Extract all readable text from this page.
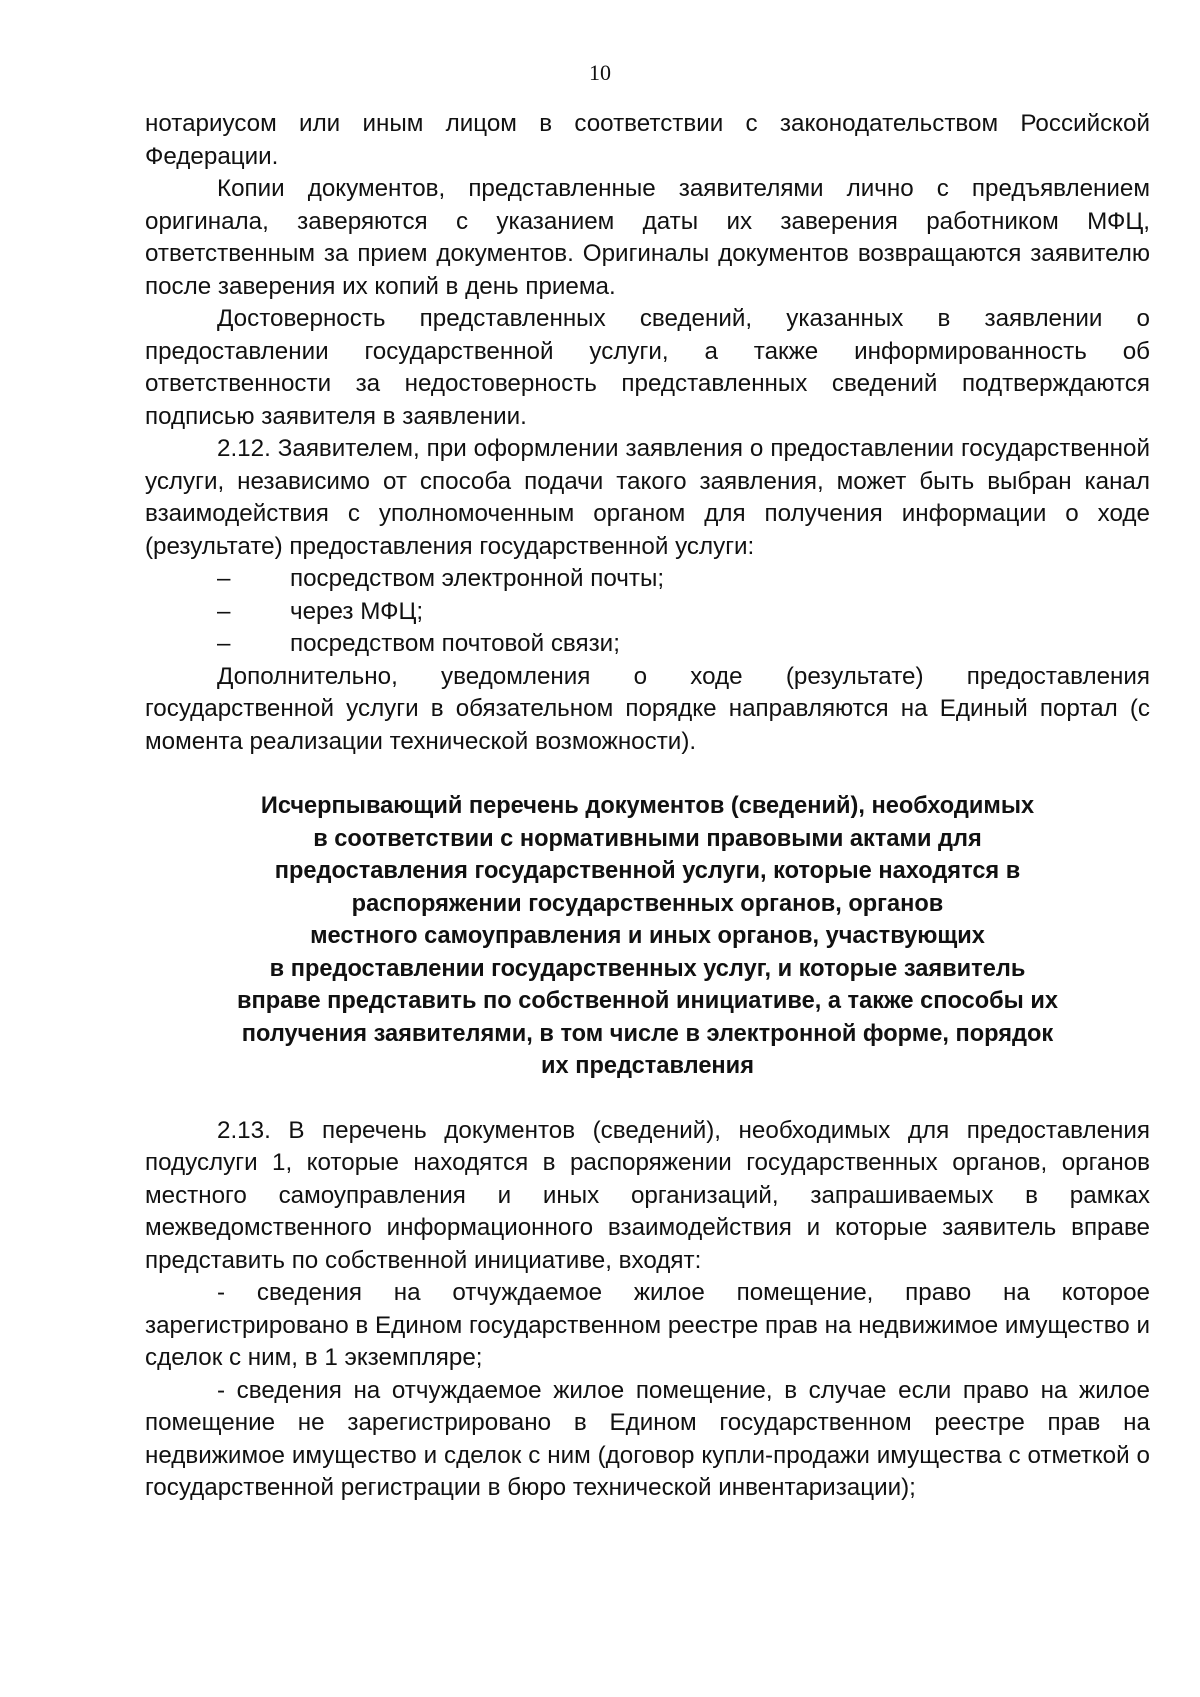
10

нотариусом или иным лицом в соответствии с законодательством Российской Федерации.

Копии документов, представленные заявителями лично с предъявлением оригинала, заверяются с указанием даты их заверения работником МФЦ, ответственным за прием документов. Оригиналы документов возвращаются заявителю после заверения их копий в день приема.

Достоверность представленных сведений, указанных в заявлении о предоставлении государственной услуги, а также информированность об ответственности за недостоверность представленных сведений подтверждаются подписью заявителя в заявлении.

2.12. Заявителем, при оформлении заявления о предоставлении государственной услуги, независимо от способа подачи такого заявления, может быть выбран канал взаимодействия с уполномоченным органом для получения информации о ходе (результате) предоставления государственной услуги:

– посредством электронной почты;
– через МФЦ;
– посредством почтовой связи;

Дополнительно, уведомления о ходе (результате) предоставления государственной услуги в обязательном порядке направляются на Единый портал (с момента реализации технической возможности).

Исчерпывающий перечень документов (сведений), необходимых
в соответствии с нормативными правовыми актами для
предоставления государственной услуги, которые находятся в
распоряжении государственных органов, органов
местного самоуправления и иных органов, участвующих
в предоставлении государственных услуг, и которые заявитель
вправе представить по собственной инициативе, а также способы их
получения заявителями, в том числе в электронной форме, порядок
их представления

2.13. В перечень документов (сведений), необходимых для предоставления подуслуги 1, которые находятся в распоряжении государственных органов, органов местного самоуправления и иных организаций, запрашиваемых в рамках межведомственного информационного взаимодействия и которые заявитель вправе представить по собственной инициативе, входят:

- сведения на отчуждаемое жилое помещение, право на которое зарегистрировано в Едином государственном реестре прав на недвижимое имущество и сделок с ним, в 1 экземпляре;

- сведения на отчуждаемое жилое помещение, в случае если право на жилое помещение не зарегистрировано в Едином государственном реестре прав на недвижимое имущество и сделок с ним (договор купли-продажи имущества с отметкой о государственной регистрации в бюро технической инвентаризации);
